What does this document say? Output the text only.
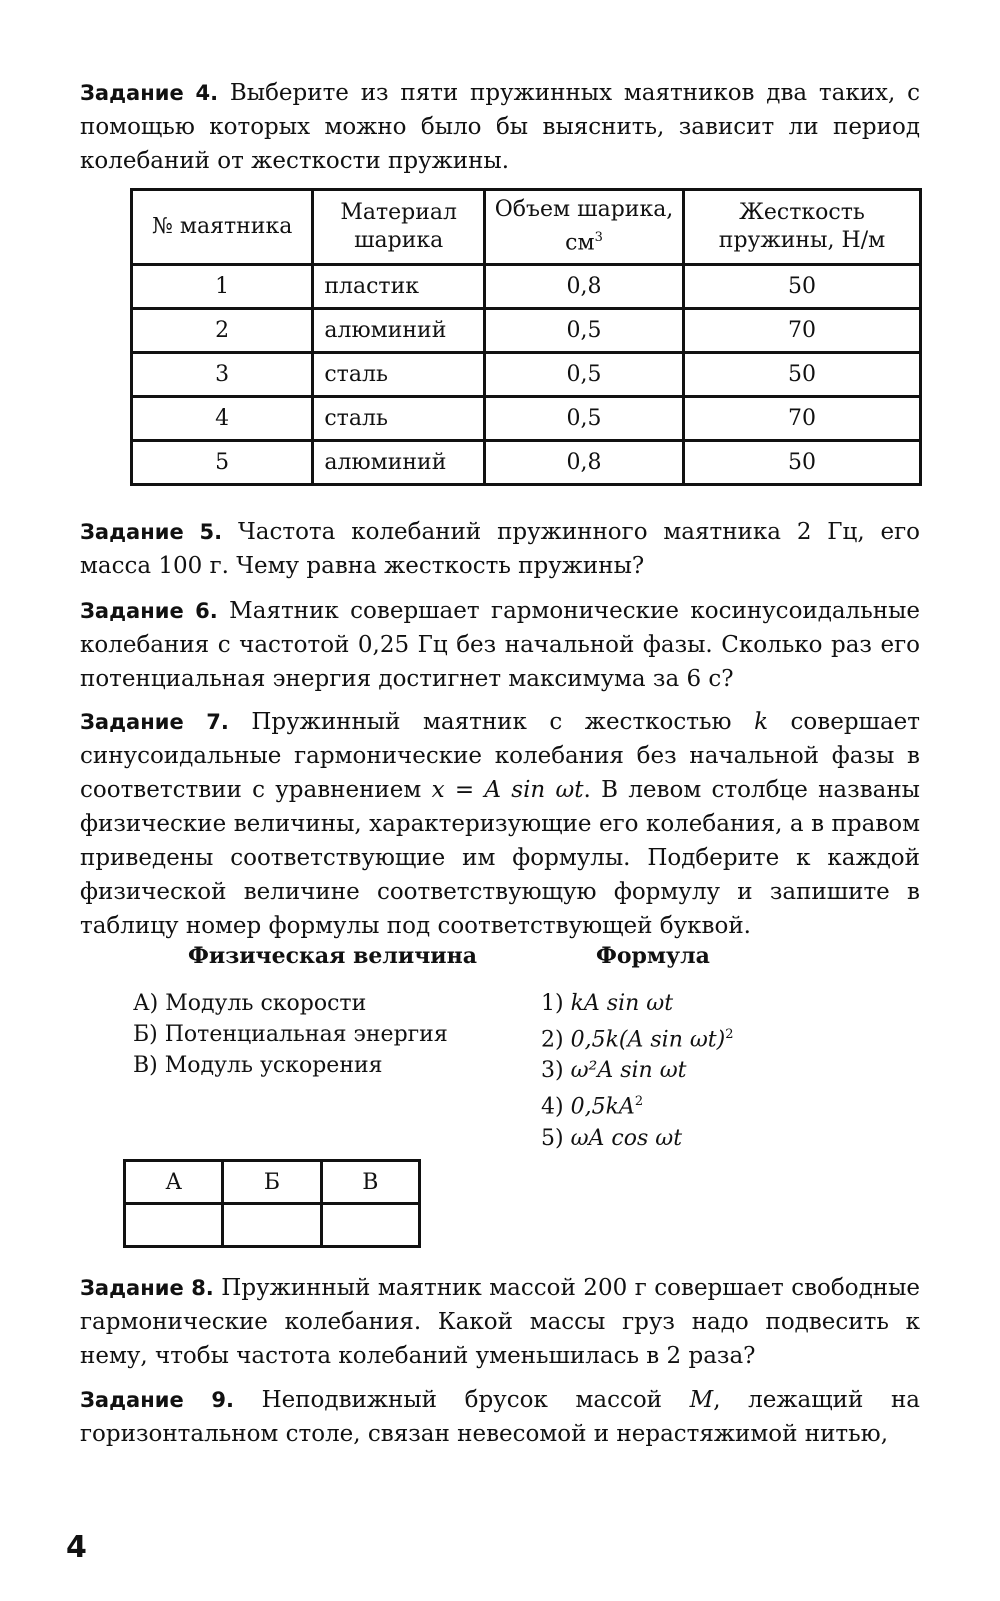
Задание 4. Выберите из пяти пружинных маятников два таких, с помощью которых можно было бы выяснить, зависит ли период колебаний от жесткости пружины.

№ маятника	Материал шарика	Объем шарика, $см^3$	Жесткость пружины, Н/м
1	пластик	0,8	50
2	алюминий	0,5	70
3	сталь	0,5	50
4	сталь	0,5	70
5	алюминий	0,8	50

Задание 5. Частота колебаний пружинного маятника 2 Гц, его масса 100 г. Чему равна жесткость пружины?

Задание 6. Маятник совершает гармонические косинусоидальные колебания с частотой 0,25 Гц без начальной фазы. Сколько раз его потенциальная энергия достигнет максимума за 6 с?

Задание 7. Пружинный маятник с жесткостью k совершает синусоидальные гармонические колебания без начальной фазы в соответствии с уравнением x = A sin ωt. В левом столбце названы физические величины, характеризующие его колебания, а в правом приведены соответствующие им формулы. Подберите к каждой физической величине соответствующую формулу и запишите в таблицу номер формулы под соответствующей буквой.

Физическая величина	Формула
А) Модуль скорости
Б) Потенциальная энергия
В) Модуль ускорения
1) kA sin ωt
2) 0,5k(A sin ωt)$^2$
3) ω²A sin ωt
4) $0,5kA^2$
5) ωA cos ωt
А	Б	В

Задание 8. Пружинный маятник массой 200 г совершает свободные гармонические колебания. Какой массы груз надо подвесить к нему, чтобы частота колебаний уменьшилась в 2 раза?

Задание 9. Неподвижный брусок массой M, лежащий на горизонтальном столе, связан невесомой и нерастяжимой нитью,

4
